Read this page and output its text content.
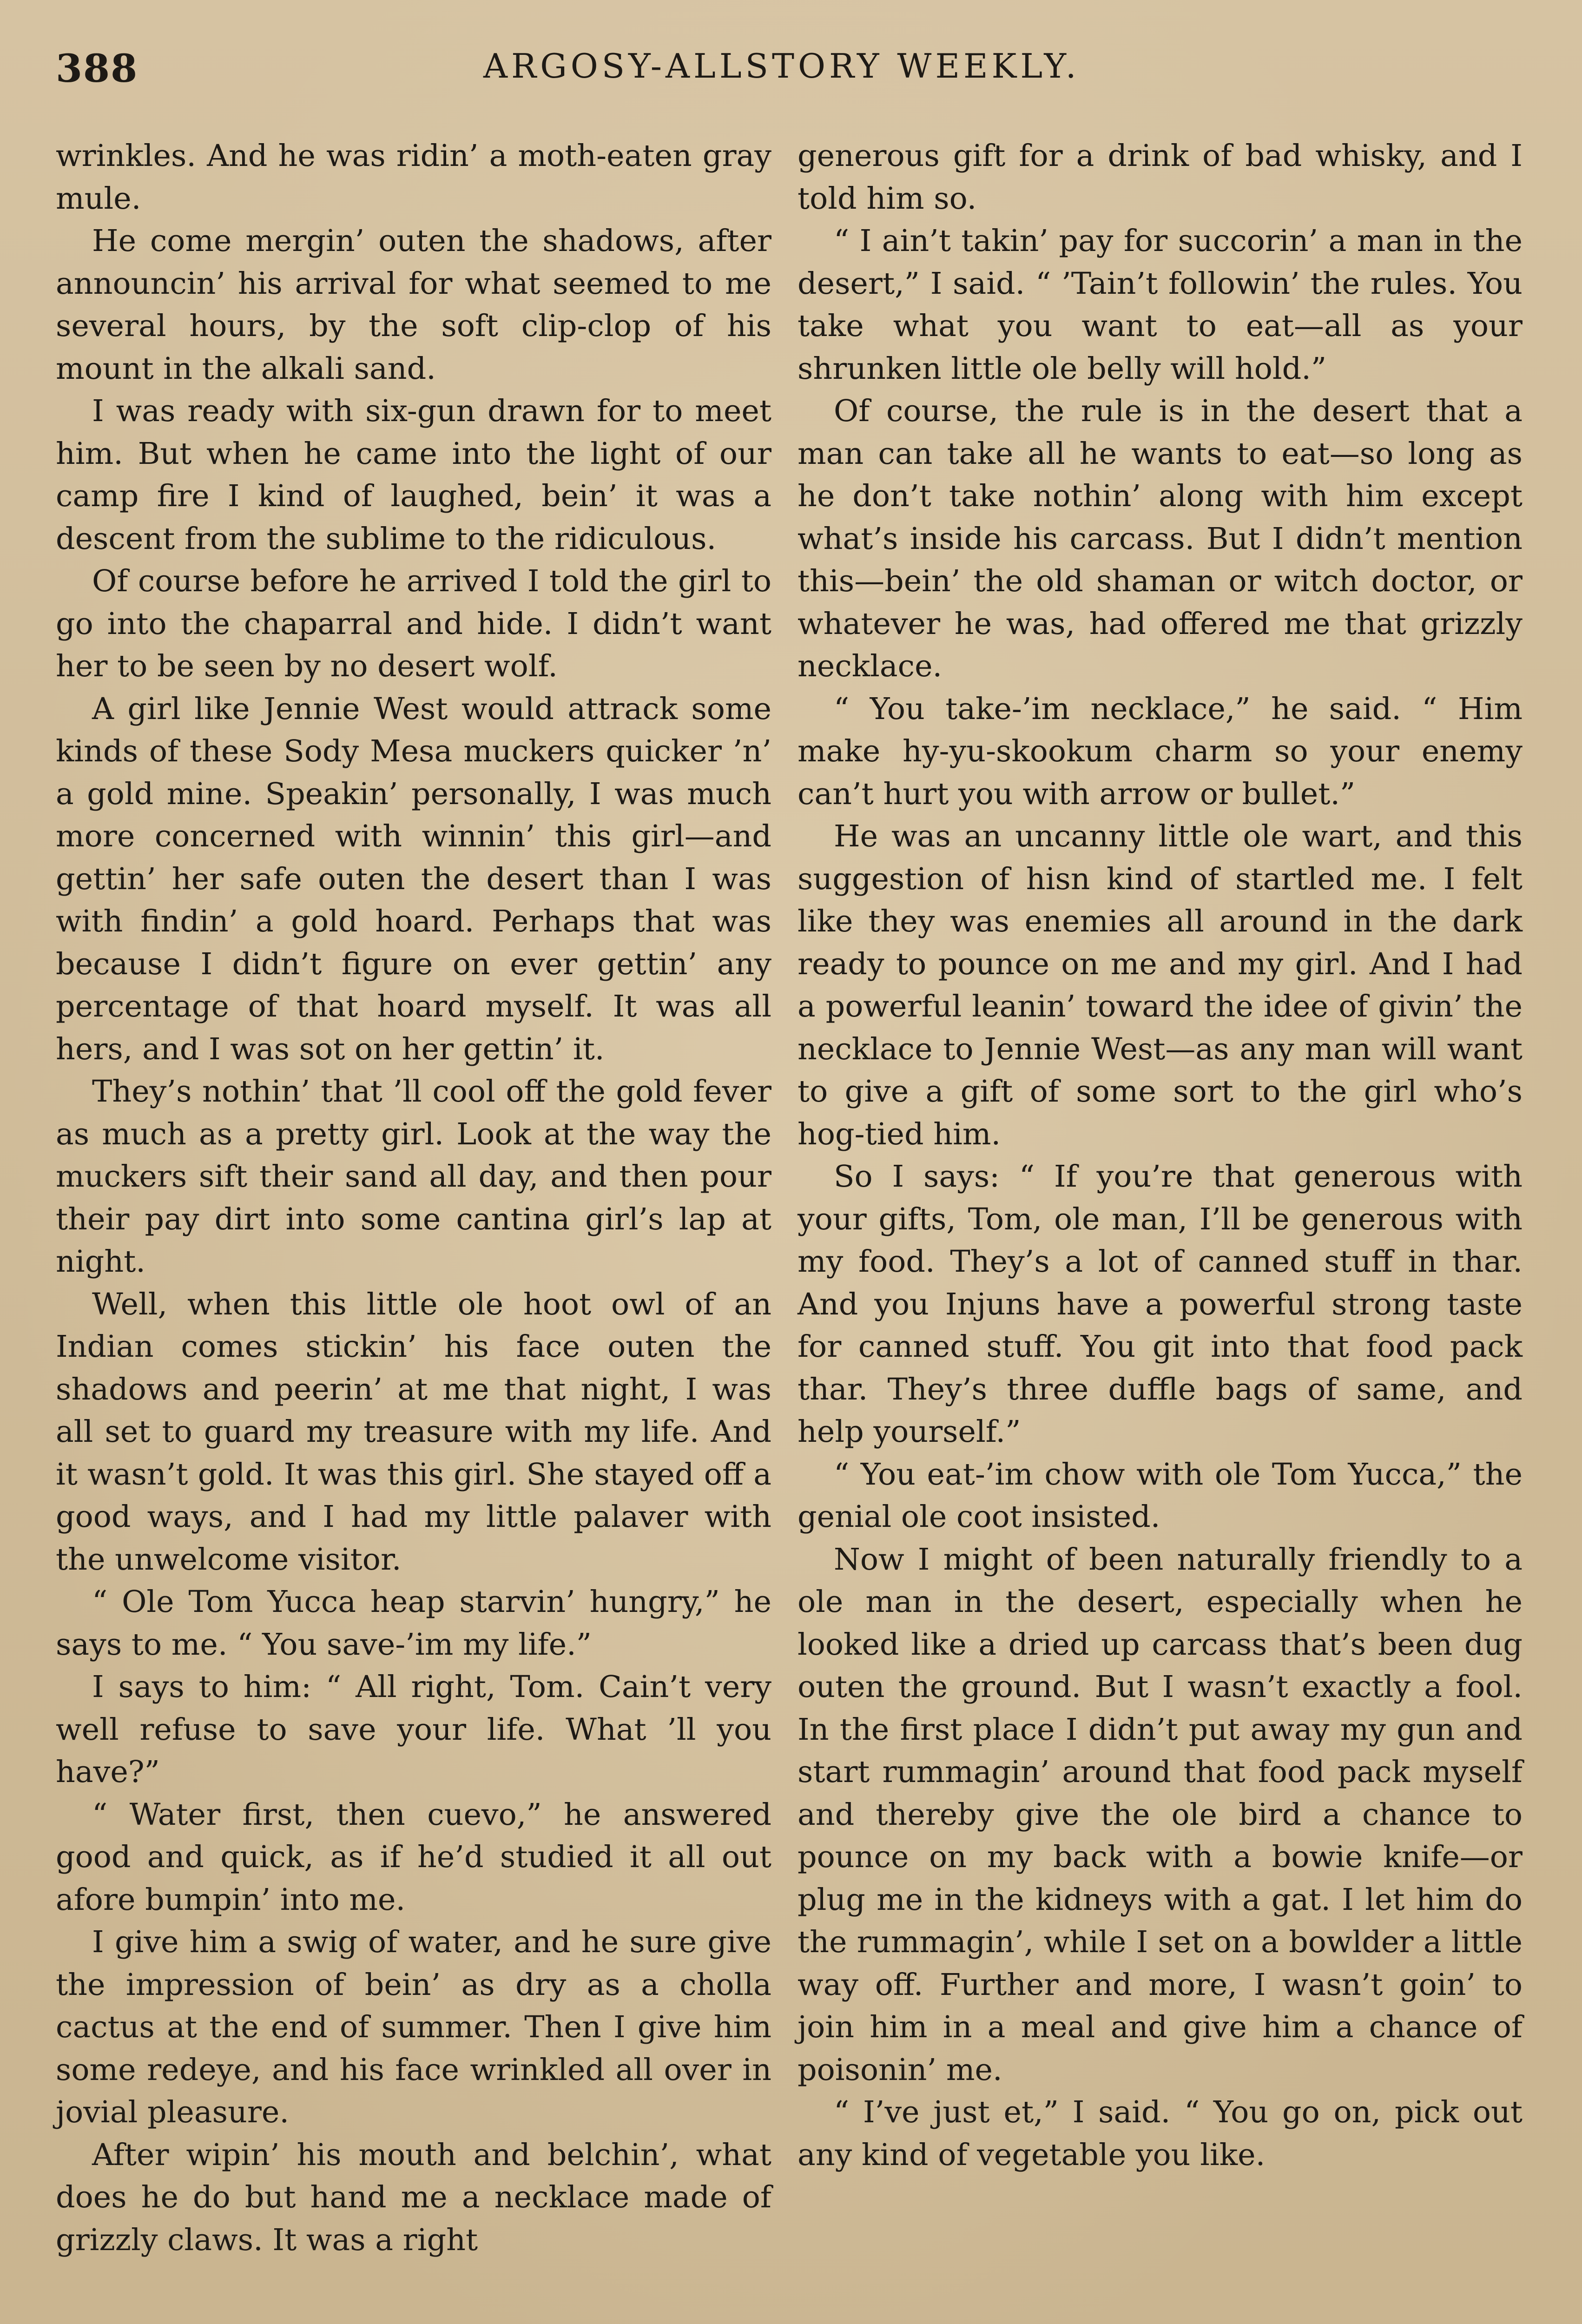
388	ARGOSY-ALLSTORY WEEKLY.

wrinkles. And he was ridin’ a moth-eaten gray mule.

He come mergin’ outen the shadows, after announcin’ his arrival for what seemed to me several hours, by the soft clip-clop of his mount in the alkali sand.

I was ready with six-gun drawn for to meet him. But when he came into the light of our camp fire I kind of laughed, bein’ it was a descent from the sublime to the ridiculous.

Of course before he arrived I told the girl to go into the chaparral and hide. I didn’t want her to be seen by no desert wolf.

A girl like Jennie West would attrack some kinds of these Sody Mesa muckers quicker ’n’ a gold mine. Speakin’ personally, I was much more concerned with winnin’ this girl—and gettin’ her safe outen the desert than I was with findin’ a gold hoard. Perhaps that was because I didn’t figure on ever gettin’ any percentage of that hoard myself. It was all hers, and I was sot on her gettin’ it.

They’s nothin’ that ’ll cool off the gold fever as much as a pretty girl. Look at the way the muckers sift their sand all day, and then pour their pay dirt into some cantina girl’s lap at night.

Well, when this little ole hoot owl of an Indian comes stickin’ his face outen the shadows and peerin’ at me that night, I was all set to guard my treasure with my life. And it wasn’t gold. It was this girl. She stayed off a good ways, and I had my little palaver with the unwelcome visitor.

“ Ole Tom Yucca heap starvin’ hungry,” he says to me. “ You save-’im my life.”

I says to him: “ All right, Tom. Cain’t very well refuse to save your life. What ’ll you have?”

“ Water first, then cuevo,” he answered good and quick, as if he’d studied it all out afore bumpin’ into me.

I give him a swig of water, and he sure give the impression of bein’ as dry as a cholla cactus at the end of summer. Then I give him some redeye, and his face wrinkled all over in jovial pleasure.

After wipin’ his mouth and belchin’, what does he do but hand me a necklace made of grizzly claws. It was a right

generous gift for a drink of bad whisky, and I told him so.

“ I ain’t takin’ pay for succorin’ a man in the desert,” I said. “ ’Tain’t followin’ the rules. You take what you want to eat—all as your shrunken little ole belly will hold.”

Of course, the rule is in the desert that a man can take all he wants to eat—so long as he don’t take nothin’ along with him except what’s inside his carcass. But I didn’t mention this—bein’ the old shaman or witch doctor, or whatever he was, had offered me that grizzly necklace.

“ You take-’im necklace,” he said. “ Him make hy-yu-skookum charm so your enemy can’t hurt you with arrow or bullet.”

He was an uncanny little ole wart, and this suggestion of hisn kind of startled me. I felt like they was enemies all around in the dark ready to pounce on me and my girl. And I had a powerful leanin’ toward the idee of givin’ the necklace to Jennie West—as any man will want to give a gift of some sort to the girl who’s hog-tied him.

So I says: “ If you’re that generous with your gifts, Tom, ole man, I’ll be generous with my food. They’s a lot of canned stuff in thar. And you Injuns have a powerful strong taste for canned stuff. You git into that food pack thar. They’s three duffle bags of same, and help yourself.”

“ You eat-’im chow with ole Tom Yucca,” the genial ole coot insisted.

Now I might of been naturally friendly to a ole man in the desert, especially when he looked like a dried up carcass that’s been dug outen the ground. But I wasn’t exactly a fool. In the first place I didn’t put away my gun and start rummagin’ around that food pack myself and thereby give the ole bird a chance to pounce on my back with a bowie knife—or plug me in the kidneys with a gat. I let him do the rummagin’, while I set on a bowlder a little way off. Further and more, I wasn’t goin’ to join him in a meal and give him a chance of poisonin’ me.

“ I’ve just et,” I said. “ You go on, pick out any kind of vegetable you like.
